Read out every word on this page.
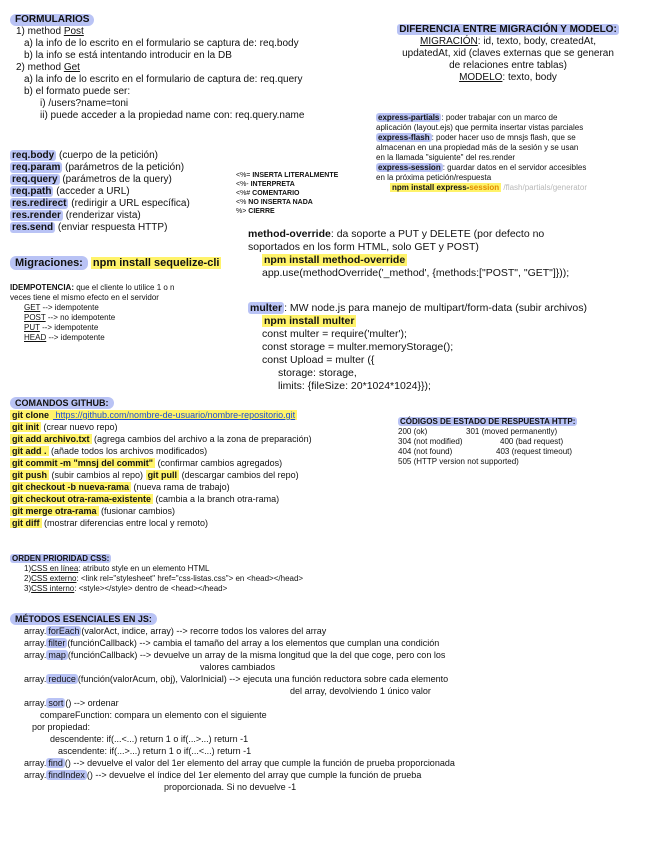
FORMULARIOS
1) method Post
a) la info de lo escrito en el formulario se captura de: req.body
b) la info se está intentando introducir en la DB
2) method Get
a) la info de lo escrito en el formulario de captura de: req.query
b) el formato puede ser:
i) /users?name=toni
ii) puede acceder a la propiedad name con: req.query.name
req.body (cuerpo de la petición)
req.param (parámetros de la petición)
req.query (parámetros de la query)
req.path (acceder a URL)
res.redirect (redirigir a URL específica)
res.render (renderizar vista)
res.send (enviar respuesta HTTP)
<%= INSERTA LITERALMENTE
<%- INTERPRETA
<%# COMENTARIO
<% NO INSERTA NADA
%> CIERRE
Migraciones: npm install sequelize-cli
IDEMPOTENCIA: que el cliente lo utilice 1 o n
veces tiene el mismo efecto en el servidor
GET --> idempotente
POST --> no idempotente
PUT --> idempotente
HEAD --> idempotente
DIFERENCIA ENTRE MIGRACIÓN Y MODELO:
MIGRACIÓN: id, texto, body, createdAt,
updatedAt, xid (claves externas que se generan
de relaciones entre tablas)
MODELO: texto, body
express-partials : poder trabajar con un marco de
aplicación (layout.ejs) que permita insertar vistas parciales
express-flash : poder hacer uso de mnsjs flash, que se
almacenan en una propiedad más de la sesión y se usan
en la llamada "siguiente" del res.render
express-session : guardar datos en el servidor accesibles
en la próxima petición/respuesta
npm install express-session /flash/partials/generator
method-override: da soporte a PUT y DELETE (por defecto no
soportados en los form HTML, solo GET y POST)
npm install method-override
app.use(methodOverride('_method', {methods:["POST", "GET"]}));
multer : MW node.js para manejo de multipart/form-data (subir archivos)
npm install multer
const multer = require('multer');
const storage = multer.memoryStorage();
const Upload = multer ({
storage: storage,
limits: {fileSize: 20*1024*1024}});
COMANDOS GITHUB:
git clone https://github.com/nombre-de-usuario/nombre-repositorio.git
git init (crear nuevo repo)
git add archivo.txt (agrega cambios del archivo a la zona de preparación)
git add . (añade todos los archivos modificados)
git commit -m "mnsj del commit" (confirmar cambios agregados)
git push (subir cambios al repo) git pull (descargar cambios del repo)
git checkout -b nueva-rama (nueva rama de trabajo)
git checkout otra-rama-existente (cambia a la branch otra-rama)
git merge otra-rama (fusionar cambios)
git diff (mostrar diferencias entre local y remoto)
CÓDIGOS DE ESTADO DE RESPUESTA HTTP:
200 (ok)	301 (moved permanently)
304 (not modified)	400 (bad request)
404 (not found)	403 (request timeout)
505 (HTTP version not supported)
ORDEN PRIORIDAD CSS:
1)CSS en línea: atributo style en un elemento HTML
2)CSS externo: <link rel="stylesheet" href="css-listas.css"> en <head></head>
3)CSS interno: <style></style> dentro de <head></head>
MÉTODOS ESENCIALES EN JS:
array. forEach (valorAct, indice, array) --> recorre todos los valores del array
array. filter (funciónCallback) --> cambia el tamaño del array a los elementos que cumplan una condición
array. map (funciónCallback) --> devuelve un array de la misma longitud que la del que coge, pero con los
valores cambiados
array. reduce (función(valorAcum, obj), ValorInicial) --> ejecuta una función reductora sobre cada elemento
del array, devolviendo 1 único valor
array. sort () --> ordenar
compareFunction: compara un elemento con el siguiente
por propiedad:
descendente: if(...<...) return 1 o if(...>...) return -1
ascendente: if(...>...) return 1 o if(...<...) return -1
array. find () --> devuelve el valor del 1er elemento del array que cumple la función de prueba proporcionada
array. findIndex () --> devuelve el índice del 1er elemento del array que cumple la función de prueba
proporcionada. Si no devuelve -1
